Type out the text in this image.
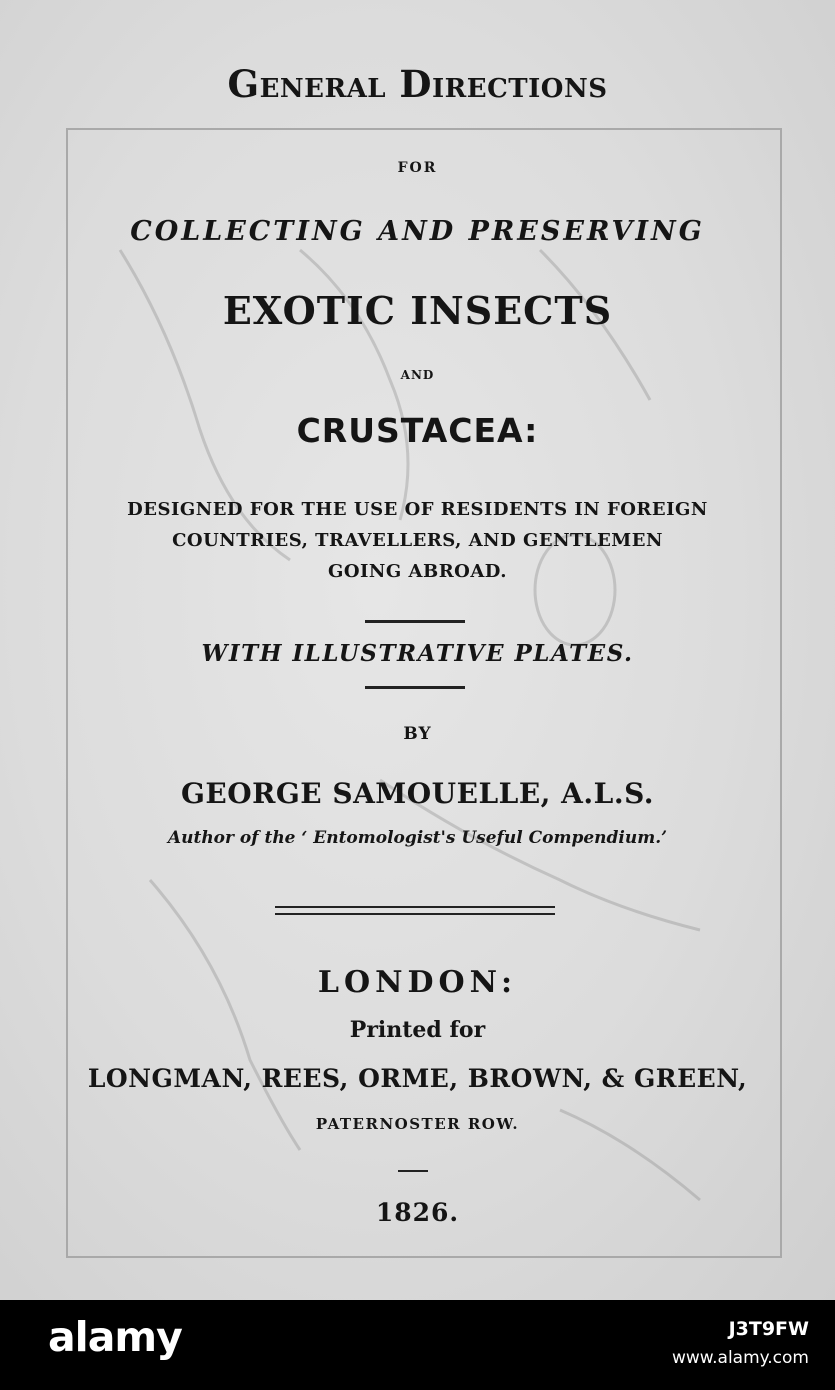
General Directions
FOR
COLLECTING AND PRESERVING
EXOTIC INSECTS
AND
CRUSTACEA:
DESIGNED FOR THE USE OF RESIDENTS IN FOREIGN
COUNTRIES, TRAVELLERS, AND GENTLEMEN
GOING ABROAD.
WITH ILLUSTRATIVE PLATES.
BY
GEORGE SAMOUELLE, A.L.S.
Author of the ‘ Entomologist's Useful Compendium.’
LONDON:
Printed for
LONGMAN, REES, ORME, BROWN, & GREEN,
PATERNOSTER ROW.
1826.
alamy	J3T9FW
www.alamy.com
